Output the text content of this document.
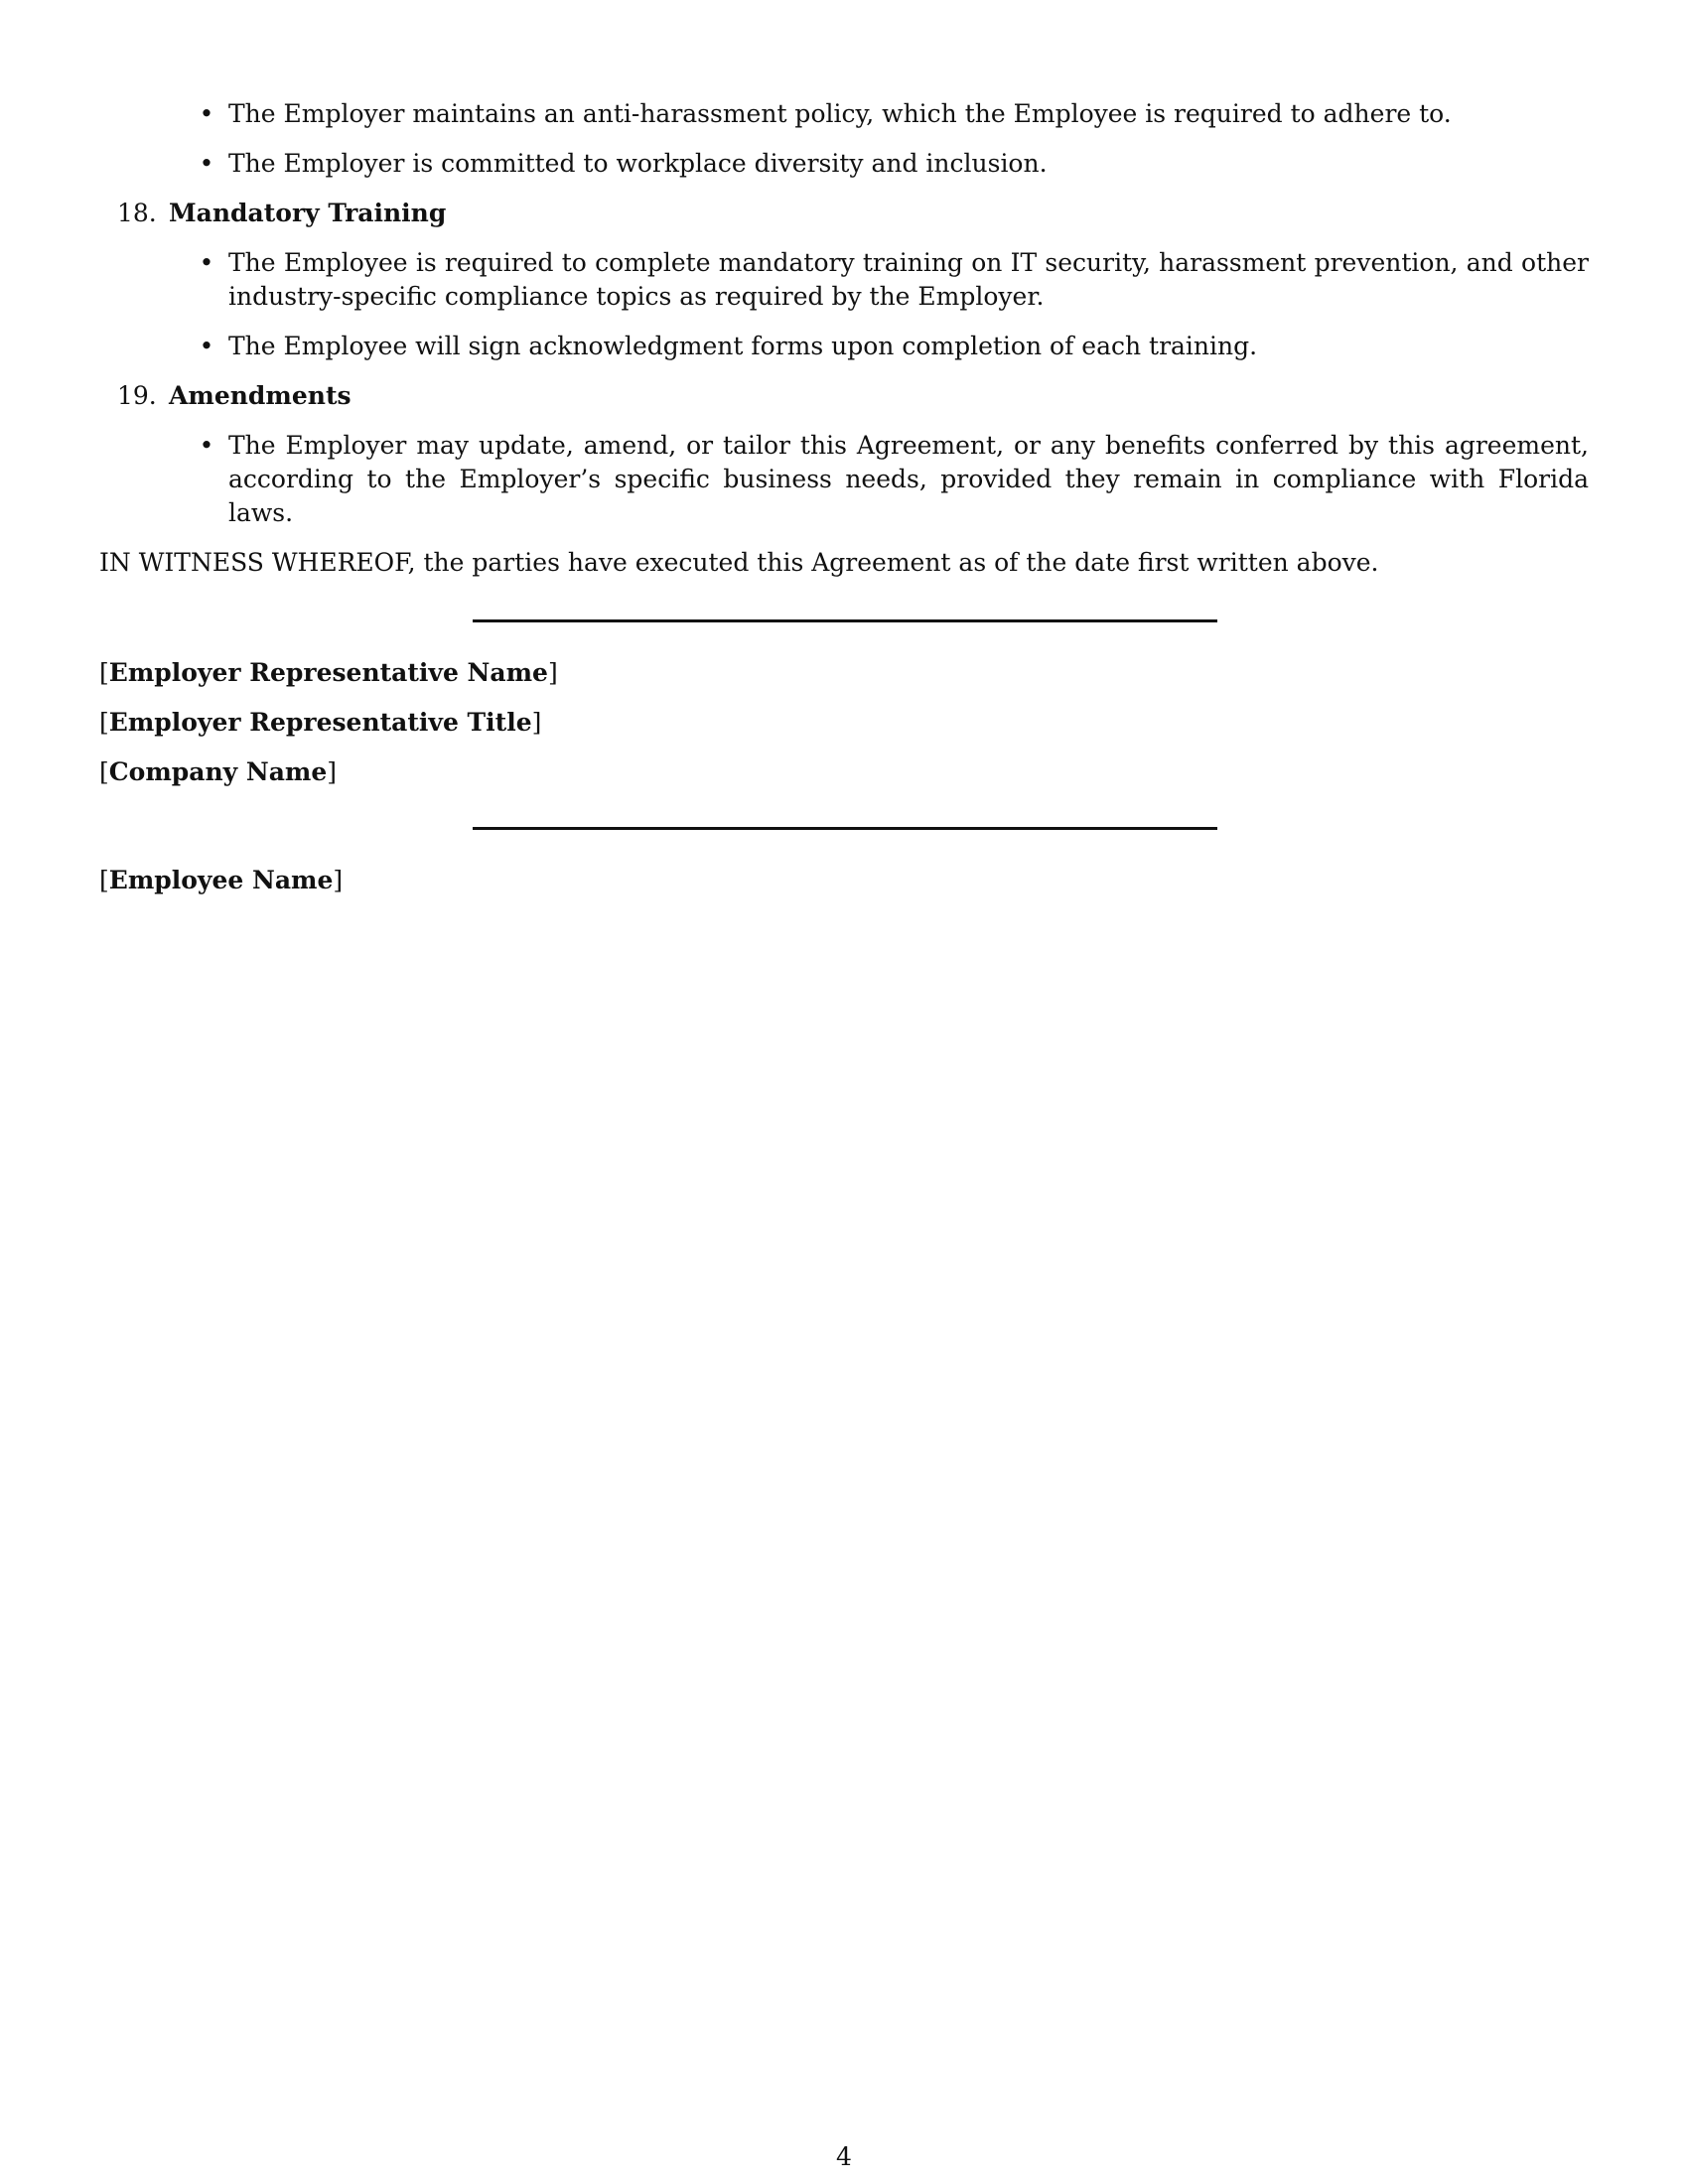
• The Employer maintains an anti-harassment policy, which the Employee is required to adhere to.
• The Employer is committed to workplace diversity and inclusion.
18. Mandatory Training
• The Employee is required to complete mandatory training on IT security, harassment prevention, and other industry-specific compliance topics as required by the Employer.
• The Employee will sign acknowledgment forms upon completion of each training.
19. Amendments
• The Employer may update, amend, or tailor this Agreement, or any benefits conferred by this agreement, according to the Employer’s specific business needs, provided they remain in compliance with Florida laws.

IN WITNESS WHEREOF, the parties have executed this Agreement as of the date first written above.

[Employer Representative Name]
[Employer Representative Title]
[Company Name]
[Employee Name]
4
